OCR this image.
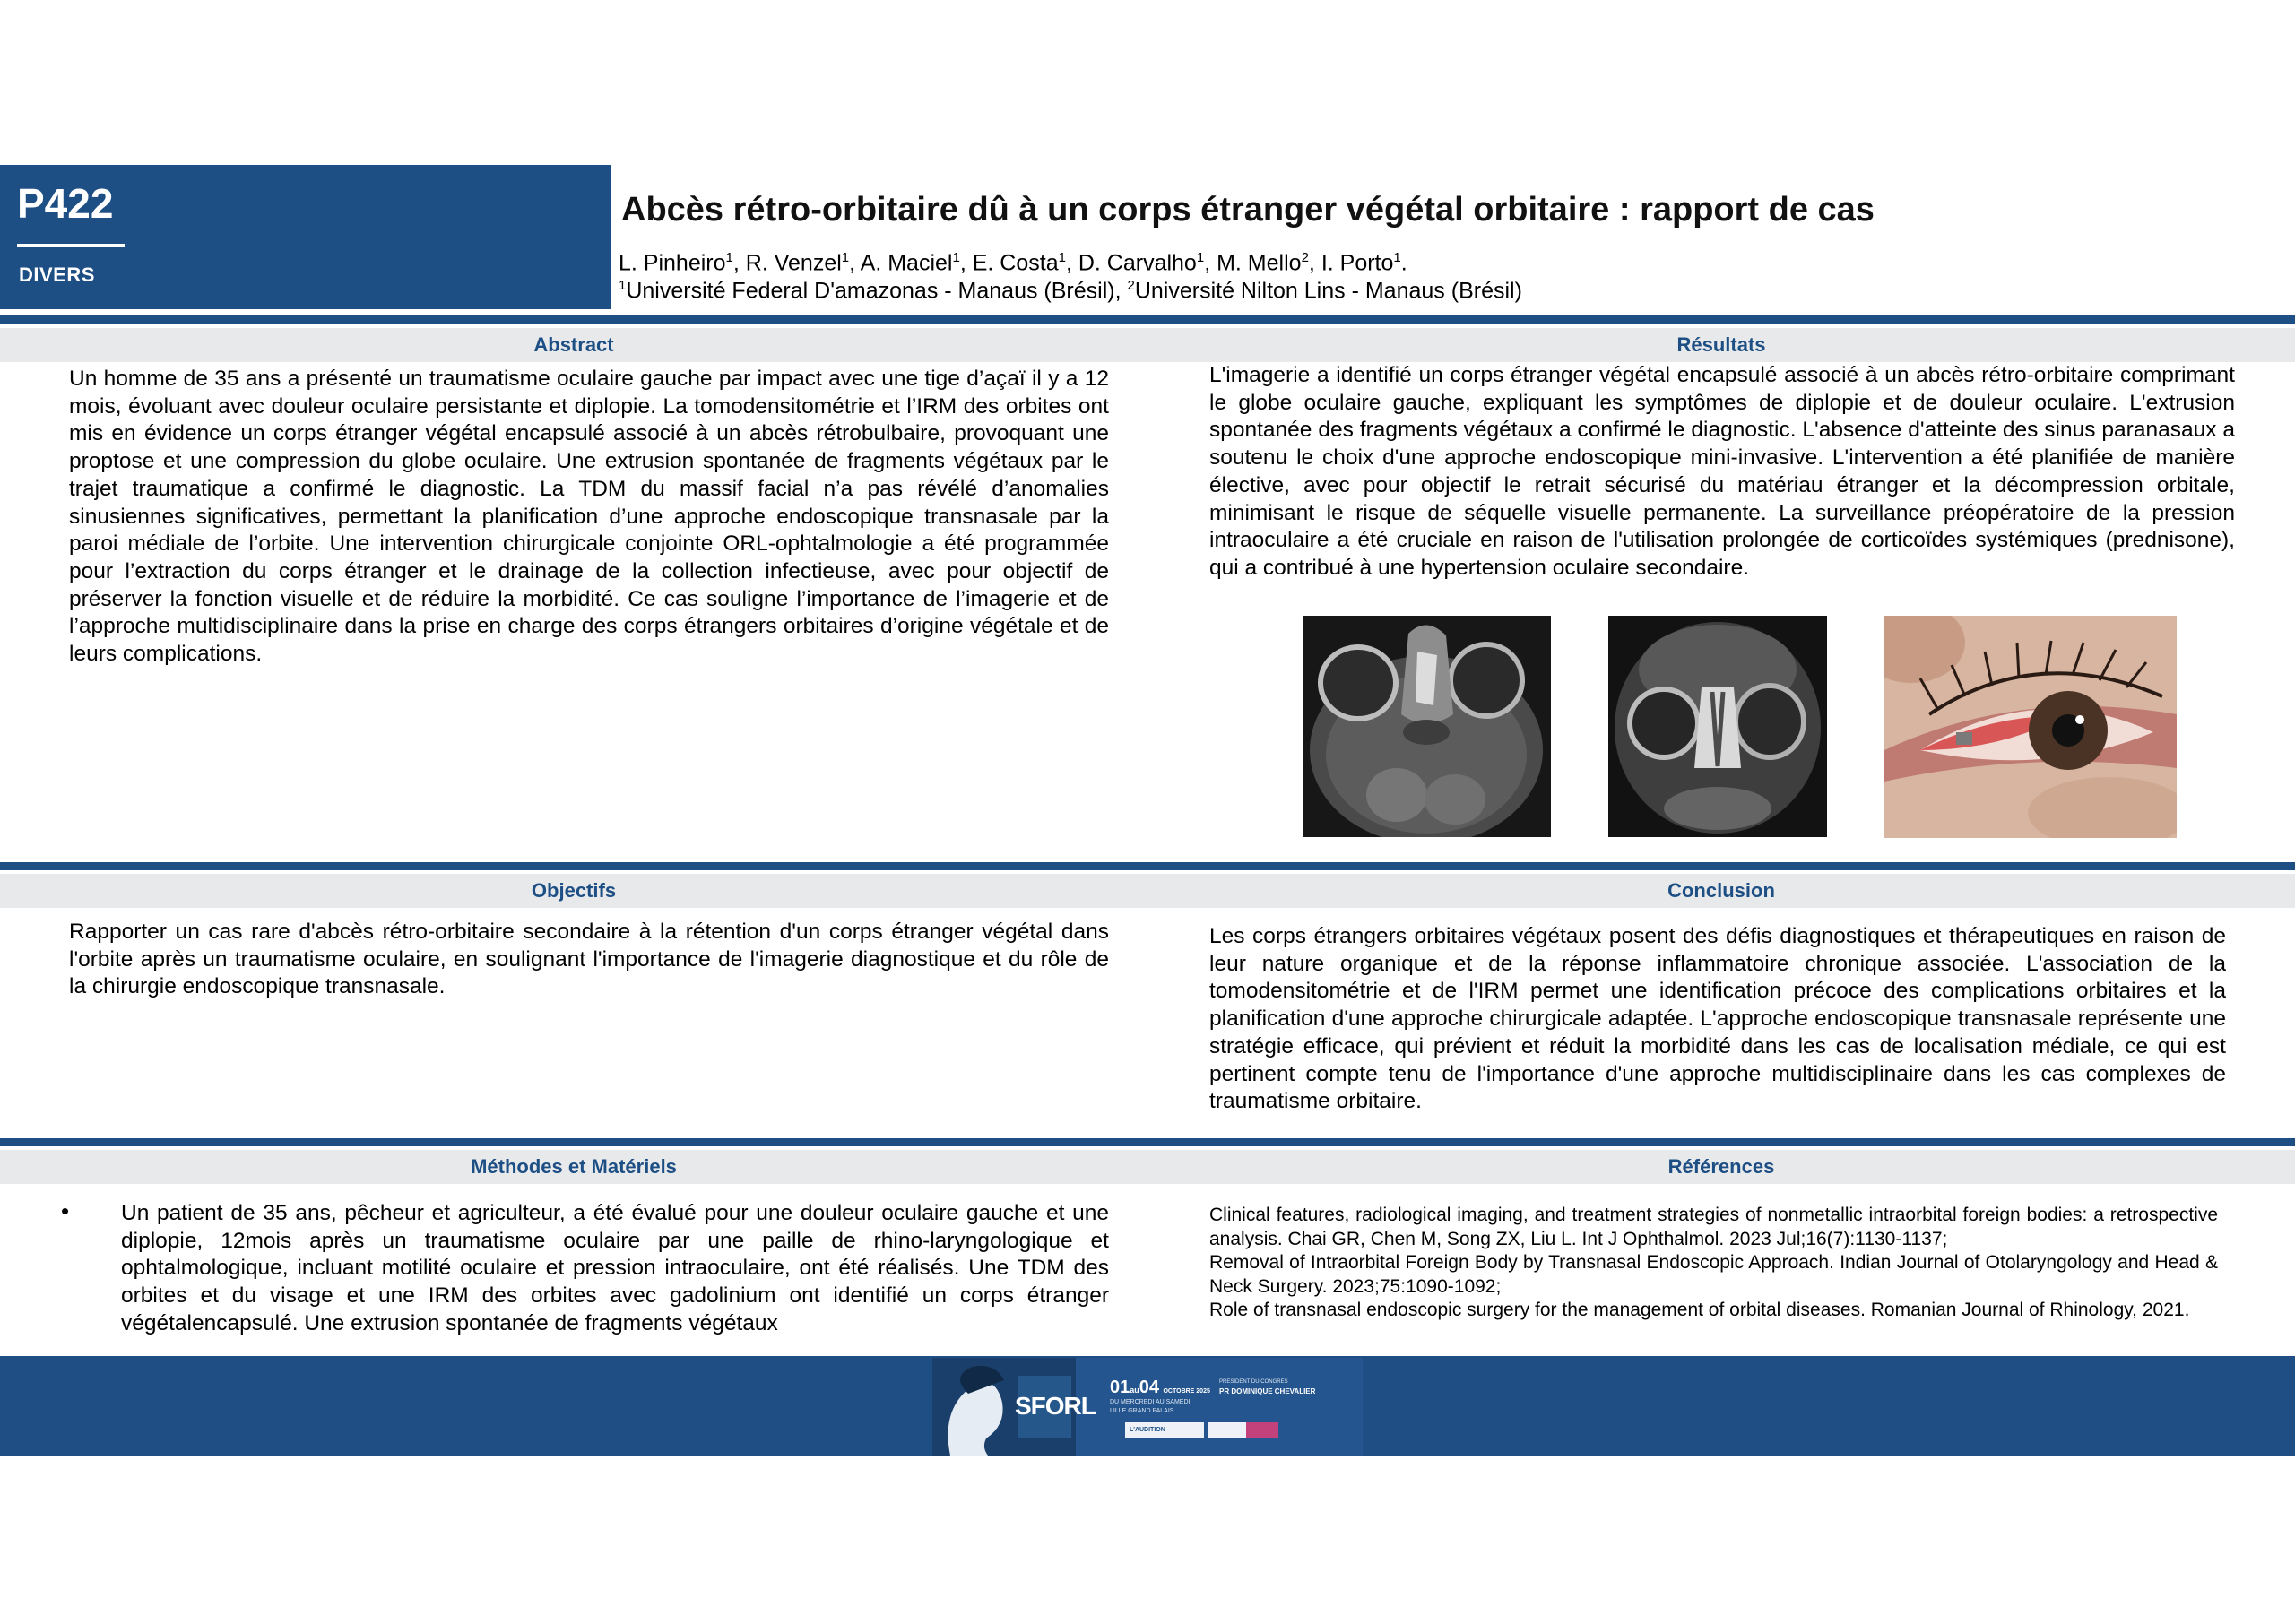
P422
DIVERS
Abcès rétro-orbitaire dû à un corps étranger végétal orbitaire : rapport de cas
L. Pinheiro$^1$, R. Venzel$^1$, A. Maciel$^1$, E. Costa$^1$, D. Carvalho$^1$, M. Mello$^2$, I. Porto$^1$.
$^1$Université Federal D'amazonas - Manaus (Brésil), $^2$Université Nilton Lins - Manaus (Brésil)
Abstract	Résultats
Un homme de 35 ans a présenté un traumatisme oculaire gauche par impact avec une tige d’açaï il y a 12 mois, évoluant avec douleur oculaire persistante et diplopie. La tomodensitométrie et l’IRM des orbites ont mis en évidence un corps étranger végétal encapsulé associé à un abcès rétrobulbaire, provoquant une proptose et une compression du globe oculaire. Une extrusion spontanée de fragments végétaux par le trajet traumatique a confirmé le diagnostic. La TDM du massif facial n’a pas révélé d’anomalies sinusiennes significatives, permettant la planification d’une approche endoscopique transnasale par la paroi médiale de l’orbite. Une intervention chirurgicale conjointe ORL-ophtalmologie a été programmée pour l’extraction du corps étranger et le drainage de la collection infectieuse, avec pour objectif de préserver la fonction visuelle et de réduire la morbidité. Ce cas souligne l’importance de l’imagerie et de l’approche multidisciplinaire dans la prise en charge des corps étrangers orbitaires d’origine végétale et de leurs complications.
L'imagerie a identifié un corps étranger végétal encapsulé associé à un abcès rétro-orbitaire comprimant le globe oculaire gauche, expliquant les symptômes de diplopie et de douleur oculaire. L'extrusion spontanée des fragments végétaux a confirmé le diagnostic. L'absence d'atteinte des sinus paranasaux a soutenu le choix d'une approche endoscopique mini-invasive. L'intervention a été planifiée de manière élective, avec pour objectif le retrait sécurisé du matériau étranger et la décompression orbitale, minimisant le risque de séquelle visuelle permanente. La surveillance préopératoire de la pression intraoculaire a été cruciale en raison de l'utilisation prolongée de corticoïdes systémiques (prednisone), qui a contribué à une hypertension oculaire secondaire.
Objectifs	Conclusion
Rapporter un cas rare d'abcès rétro-orbitaire secondaire à la rétention d'un corps étranger végétal dans l'orbite après un traumatisme oculaire, en soulignant l'importance de l'imagerie diagnostique et du rôle de la chirurgie endoscopique transnasale.
Les corps étrangers orbitaires végétaux posent des défis diagnostiques et thérapeutiques en raison de leur nature organique et de la réponse inflammatoire chronique associée. L'association de la tomodensitométrie et de l'IRM permet une identification précoce des complications orbitaires et la planification d'une approche chirurgicale adaptée. L'approche endoscopique transnasale représente une stratégie efficace, qui prévient et réduit la morbidité dans les cas de localisation médiale, ce qui est pertinent compte tenu de l'importance d'une approche multidisciplinaire dans les cas complexes de traumatisme orbitaire.
Méthodes et Matériels	Références
• Un patient de 35 ans, pêcheur et agriculteur, a été évalué pour une douleur oculaire gauche et une diplopie, 12mois après un traumatisme oculaire par une paille de rhino-laryngologique et ophtalmologique, incluant motilité oculaire et pression intraoculaire, ont été réalisés. Une TDM des orbites et du visage et une IRM des orbites avec gadolinium ont identifié un corps étranger végétalencapsulé. Une extrusion spontanée de fragments végétaux
Clinical features, radiological imaging, and treatment strategies of nonmetallic intraorbital foreign bodies: a retrospective analysis. Chai GR, Chen M, Song ZX, Liu L. Int J Ophthalmol. 2023 Jul;16(7):1130-1137;
Removal of Intraorbital Foreign Body by Transnasal Endoscopic Approach. Indian Journal of Otolaryngology and Head & Neck Surgery. 2023;75:1090-1092;
Role of transnasal endoscopic surgery for the management of orbital diseases. Romanian Journal of Rhinology, 2021.
SFORL
01au04 OCTOBRE 2025
DU MERCREDI AU SAMEDI
LILLE GRAND PALAIS
PRÉSIDENT DU CONGRÈS
PR DOMINIQUE CHEVALIER
L'AUDITION
